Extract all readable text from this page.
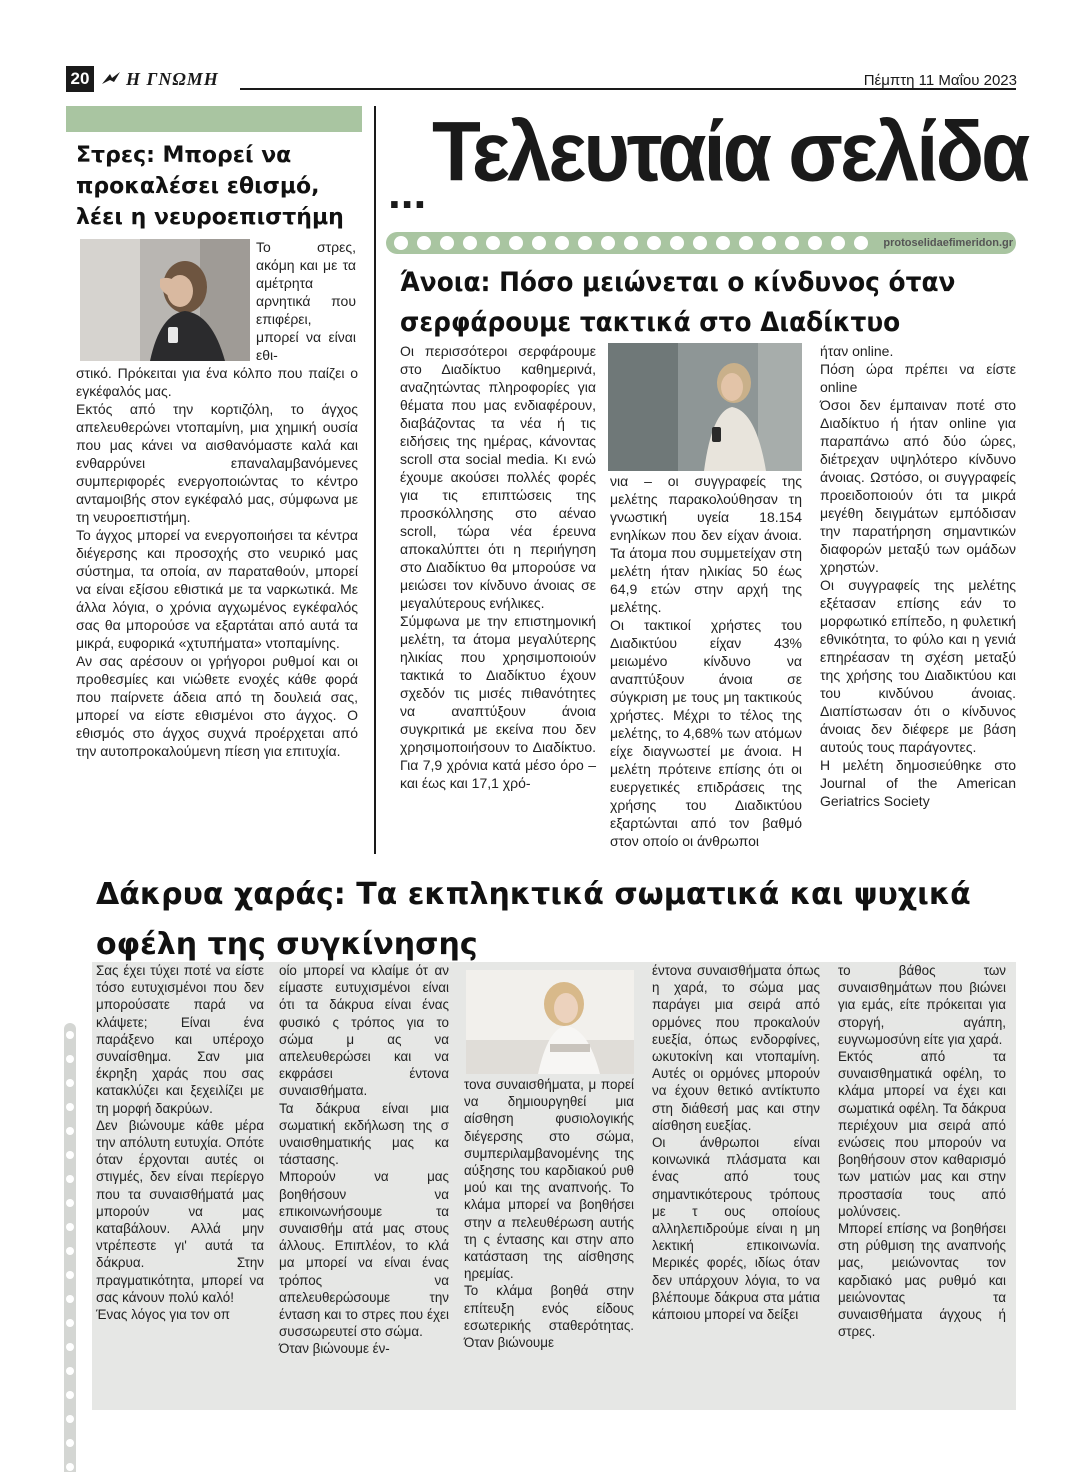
20 Η ΓΝΩΜΗ	Πέμπτη 11 Μαΐου 2023
Στρες: Μπορεί να προκαλέσει εθισμό, λέει η νευροεπιστήμη
Το στρες, ακόμη και με τα αμέτρητα αρνητικά που επιφέρει, μπορεί να είναι εθι-

στικό. Πρόκειται για ένα κόλπο που παίζει ο εγκέφαλός μας.

Εκτός από την κορτιζόλη, το άγχος απελευθερώνει ντοπαμίνη, μια χημική ουσία που μας κάνει να αισθανόμαστε καλά και ενθαρρύνει επαναλαμβανόμενες συμπεριφορές ενεργοποιώντας το κέντρο ανταμοιβής στον εγκέφαλό μας, σύμφωνα με τη νευροεπιστήμη.

Το άγχος μπορεί να ενεργοποιήσει τα κέντρα διέγερσης και προσοχής στο νευρικό μας σύστημα, τα οποία, αν παραταθούν, μπορεί να είναι εξίσου εθιστικά με τα ναρκωτικά. Με άλλα λόγια, ο χρόνια αγχωμένος εγκέφαλός σας θα μπορούσε να εξαρτάται από αυτά τα μικρά, ευφορικά «χτυπήματα» ντοπαμίνης.

Αν σας αρέσουν οι γρήγοροι ρυθμοί και οι προθεσμίες και νιώθετε ενοχές κάθε φορά που παίρνετε άδεια από τη δουλειά σας, μπορεί να είστε εθισμένοι στο άγχος. Ο εθισμός στο άγχος συχνά προέρχεται από την αυτοπροκαλούμενη πίεση για επιτυχία.

... Τελευταία σελίδα
protoselidaefimeridon.gr
Άνοια: Πόσο μειώνεται ο κίνδυνος όταν σερφάρουμε τακτικά στο Διαδίκτυο

Οι περισσότεροι σερφάρουμε στο Διαδίκτυο καθημερινά, αναζητώντας πληροφορίες για θέματα που μας ενδιαφέρουν, διαβάζοντας τα νέα ή τις ειδήσεις της ημέρας, κάνοντας scroll στα social media. Κι ενώ έχουμε ακούσει πολλές φορές για τις επιπτώσεις της προσκόλλησης στο αέναο scroll, τώρα νέα έρευνα αποκαλύπτει ότι η περιήγηση στο Διαδίκτυο θα μπορούσε να μειώσει τον κίνδυνο άνοιας σε μεγαλύτερους ενήλικες.

Σύμφωνα με την επιστημονική μελέτη, τα άτομα μεγαλύτερης ηλικίας που χρησιμοποιούν τακτικά το Διαδίκτυο έχουν σχεδόν τις μισές πιθανότητες να αναπτύξουν άνοια συγκριτικά με εκείνα που δεν χρησιμοποιήσουν το Διαδίκτυο. Για 7,9 χρόνια κατά μέσο όρο – και έως και 17,1 χρό-

νια – οι συγγραφείς της μελέτης παρακολούθησαν τη γνωστική υγεία 18.154 ενηλίκων που δεν είχαν άνοια. Τα άτομα που συμμετείχαν στη μελέτη ήταν ηλικίας 50 έως 64,9 ετών στην αρχή της μελέτης.

Οι τακτικοί χρήστες του Διαδικτύου είχαν 43% μειωμένο κίνδυνο να αναπτύξουν άνοια σε σύγκριση με τους μη τακτικούς χρήστες. Μέχρι το τέλος της μελέτης, το 4,68% των ατόμων είχε διαγνωστεί με άνοια. Η μελέτη πρότεινε επίσης ότι οι ευεργετικές επιδράσεις της χρήσης του Διαδικτύου εξαρτώνται από τον βαθμό στον οποίο οι άνθρωποι

ήταν online.

Πόση ώρα πρέπει να είστε online

Όσοι δεν έμπαιναν ποτέ στο Διαδίκτυο ή ήταν online για παραπάνω από δύο ώρες, διέτρεχαν υψηλότερο κίνδυνο άνοιας. Ωστόσο, οι συγγραφείς προειδοποιούν ότι τα μικρά μεγέθη δειγμάτων εμπόδισαν την παρατήρηση σημαντικών διαφορών μεταξύ των ομάδων χρηστών.

Οι συγγραφείς της μελέτης εξέτασαν επίσης εάν το μορφωτικό επίπεδο, η φυλετική εθνικότητα, το φύλο και η γενιά επηρέασαν τη σχέση μεταξύ της χρήσης του Διαδικτύου και του κινδύνου άνοιας. Διαπίστωσαν ότι ο κίνδυνος άνοιας δεν διέφερε με βάση αυτούς τους παράγοντες.

Η μελέτη δημοσιεύθηκε στο Journal of the American Geriatrics Society

Δάκρυα χαράς: Τα εκπληκτικά σωματικά και ψυχικά οφέλη της συγκίνησης

Σας έχει τύχει ποτέ να είστε τόσο ευτυχισμένοι που δεν μπορούσατε παρά να κλάψετε; Είναι ένα παράξενο και υπέροχο συναίσθημα. Σαν μια έκρηξη χαράς που σας κατακλύζει και ξεχειλίζει με τη μορφή δακρύων.

Δεν βιώνουμε κάθε μέρα την απόλυτη ευτυχία. Οπότε όταν έρχονται αυτές οι στιγμές, δεν είναι περίεργο που τα συναισθήματά μας μπορούν να μας καταβάλουν. Αλλά μην ντρέπεστε γι' αυτά τα δάκρυα. Στην πραγματικότητα, μπορεί να σας κάνουν πολύ καλό!

Ένας λόγος για τον οπ

οίο μπορεί να κλαίμε ότ αν είμαστε ευτυχισμένοι είναι ότι τα δάκρυα είναι ένας φυσικό ς τρόπος για το σώμα μ ας να απελευθερώσει και να εκφράσει έντονα συναισθήματα.

Τα δάκρυα είναι μια σωματική εκδήλωση της σ υναισθηματικής μας κα τάστασης.

Μπορούν να μας βοηθήσουν να επικοινωνήσουμε τα συναισθήμ ατά μας στους άλλους. Επιπλέον, το κλά μα μπορεί να είναι ένας τρόπος να απελευθερώσουμε την ένταση και το στρες που έχει συσσωρευτεί στο σώμα.

Όταν βιώνουμε έν-

τονα συναισθήματα, μ πορεί να δημιουργηθεί μια αίσθηση φυσιολογικής διέγερσης στο σώμα, συμπεριλαμβανομένης της αύξησης του καρδιακού ρυθ μού και της αναπνοής. Το κλάμα μπορεί να βοηθήσει στην α πελευθέρωση αυτής τη ς έντασης και στην απο κατάσταση της αίσθησης ηρεμίας.

Το κλάμα βοηθά στην επίτευξη ενός είδους εσωτερικής σταθερότητας. Όταν βιώνουμε

έντονα συναισθήματα όπως η χαρά, το σώμα μας παράγει μια σειρά από ορμόνες που προκαλούν ευεξία, όπως ενδορφίνες, ωκυτοκίνη και ντοπαμίνη. Αυτές οι ορμόνες μπορούν να έχουν θετικό αντίκτυπο στη διάθεσή μας και στην αίσθηση ευεξίας.

Οι άνθρωποι είναι κοινωνικά πλάσματα και ένας από τους σημαντικότερους τρόπους με τ ους οποίους αλληλεπιδρούμε είναι η μη λεκτική επικοινωνία. Μερικές φορές, ιδίως όταν δεν υπάρχουν λόγια, το να βλέπουμε δάκρυα στα μάτια κάποιου μπορεί να δείξει

το βάθος των συναισθημάτων που βιώνει για εμάς, είτε πρόκειται για στοργή, αγάπη, ευγνωμοσύνη είτε για χαρά.

Εκτός από τα συναισθηματικά οφέλη, το κλάμα μπορεί να έχει και σωματικά οφέλη. Τα δάκρυα περιέχουν μια σειρά από ενώσεις που μπορούν να βοηθήσουν στον καθαρισμό των ματιών μας και στην προστασία τους από μολύνσεις.

Μπορεί επίσης να βοηθήσει στη ρύθμιση της αναπνοής μας, μειώνοντας τον καρδιακό μας ρυθμό και μειώνοντας τα συναισθήματα άγχους ή στρες.
